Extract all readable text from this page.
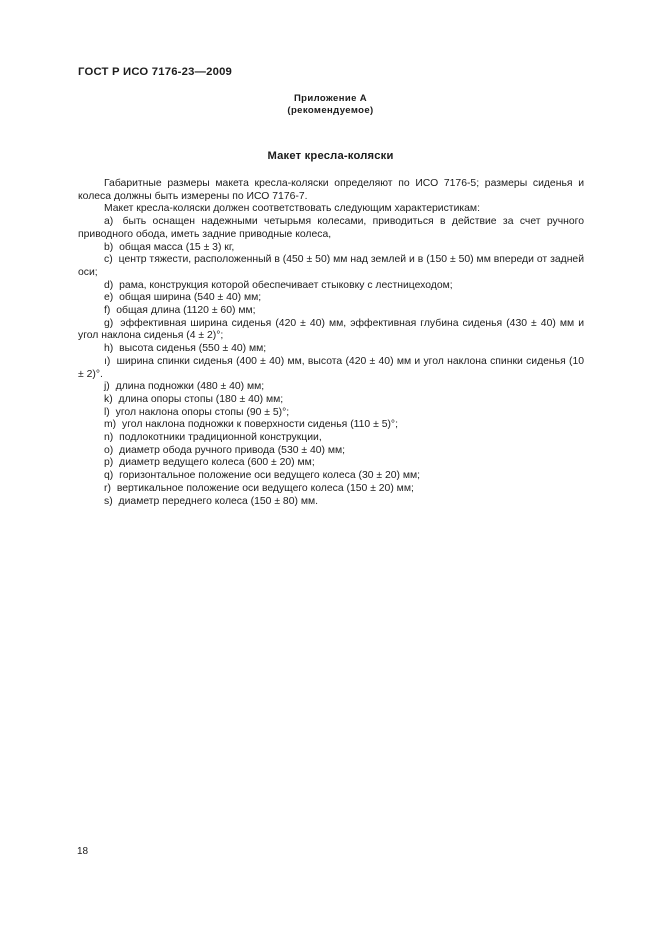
ГОСТ Р ИСО 7176-23—2009
Приложение А
(рекомендуемое)
Макет кресла-коляски

Габаритные размеры макета кресла-коляски определяют по ИСО 7176-5; размеры сиденья и колеса должны быть измерены по ИСО 7176-7.

Макет кресла-коляски должен соответствовать следующим характеристикам:

a) быть оснащен надежными четырьмя колесами, приводиться в действие за счет ручного приводного обода, иметь задние приводные колеса,

b) общая масса (15 ± 3) кг,

c) центр тяжести, расположенный в (450 ± 50) мм над землей и в (150 ± 50) мм впереди от задней оси;

d) рама, конструкция которой обеспечивает стыковку с лестницеходом;

e) общая ширина (540 ± 40) мм;

f) общая длина (1120 ± 60) мм;

g) эффективная ширина сиденья (420 ± 40) мм, эффективная глубина сиденья (430 ± 40) мм и угол наклона сиденья (4 ± 2)°;

h) высота сиденья (550 ± 40) мм;

ı) ширина спинки сиденья (400 ± 40) мм, высота (420 ± 40) мм и угол наклона спинки сиденья (10 ± 2)°.

j) длина подножки (480 ± 40) мм;

k) длина опоры стопы (180 ± 40) мм;

l) угол наклона опоры стопы (90 ± 5)°;

m) угол наклона подножки к поверхности сиденья (110 ± 5)°;

n) подлокотники традиционной конструкции,

o) диаметр обода ручного привода (530 ± 40) мм;

p) диаметр ведущего колеса (600 ± 20) мм;

q) горизонтальное положение оси ведущего колеса (30 ± 20) мм;

r) вертикальное положение оси ведущего колеса (150 ± 20) мм;

s) диаметр переднего колеса (150 ± 80) мм.

18
